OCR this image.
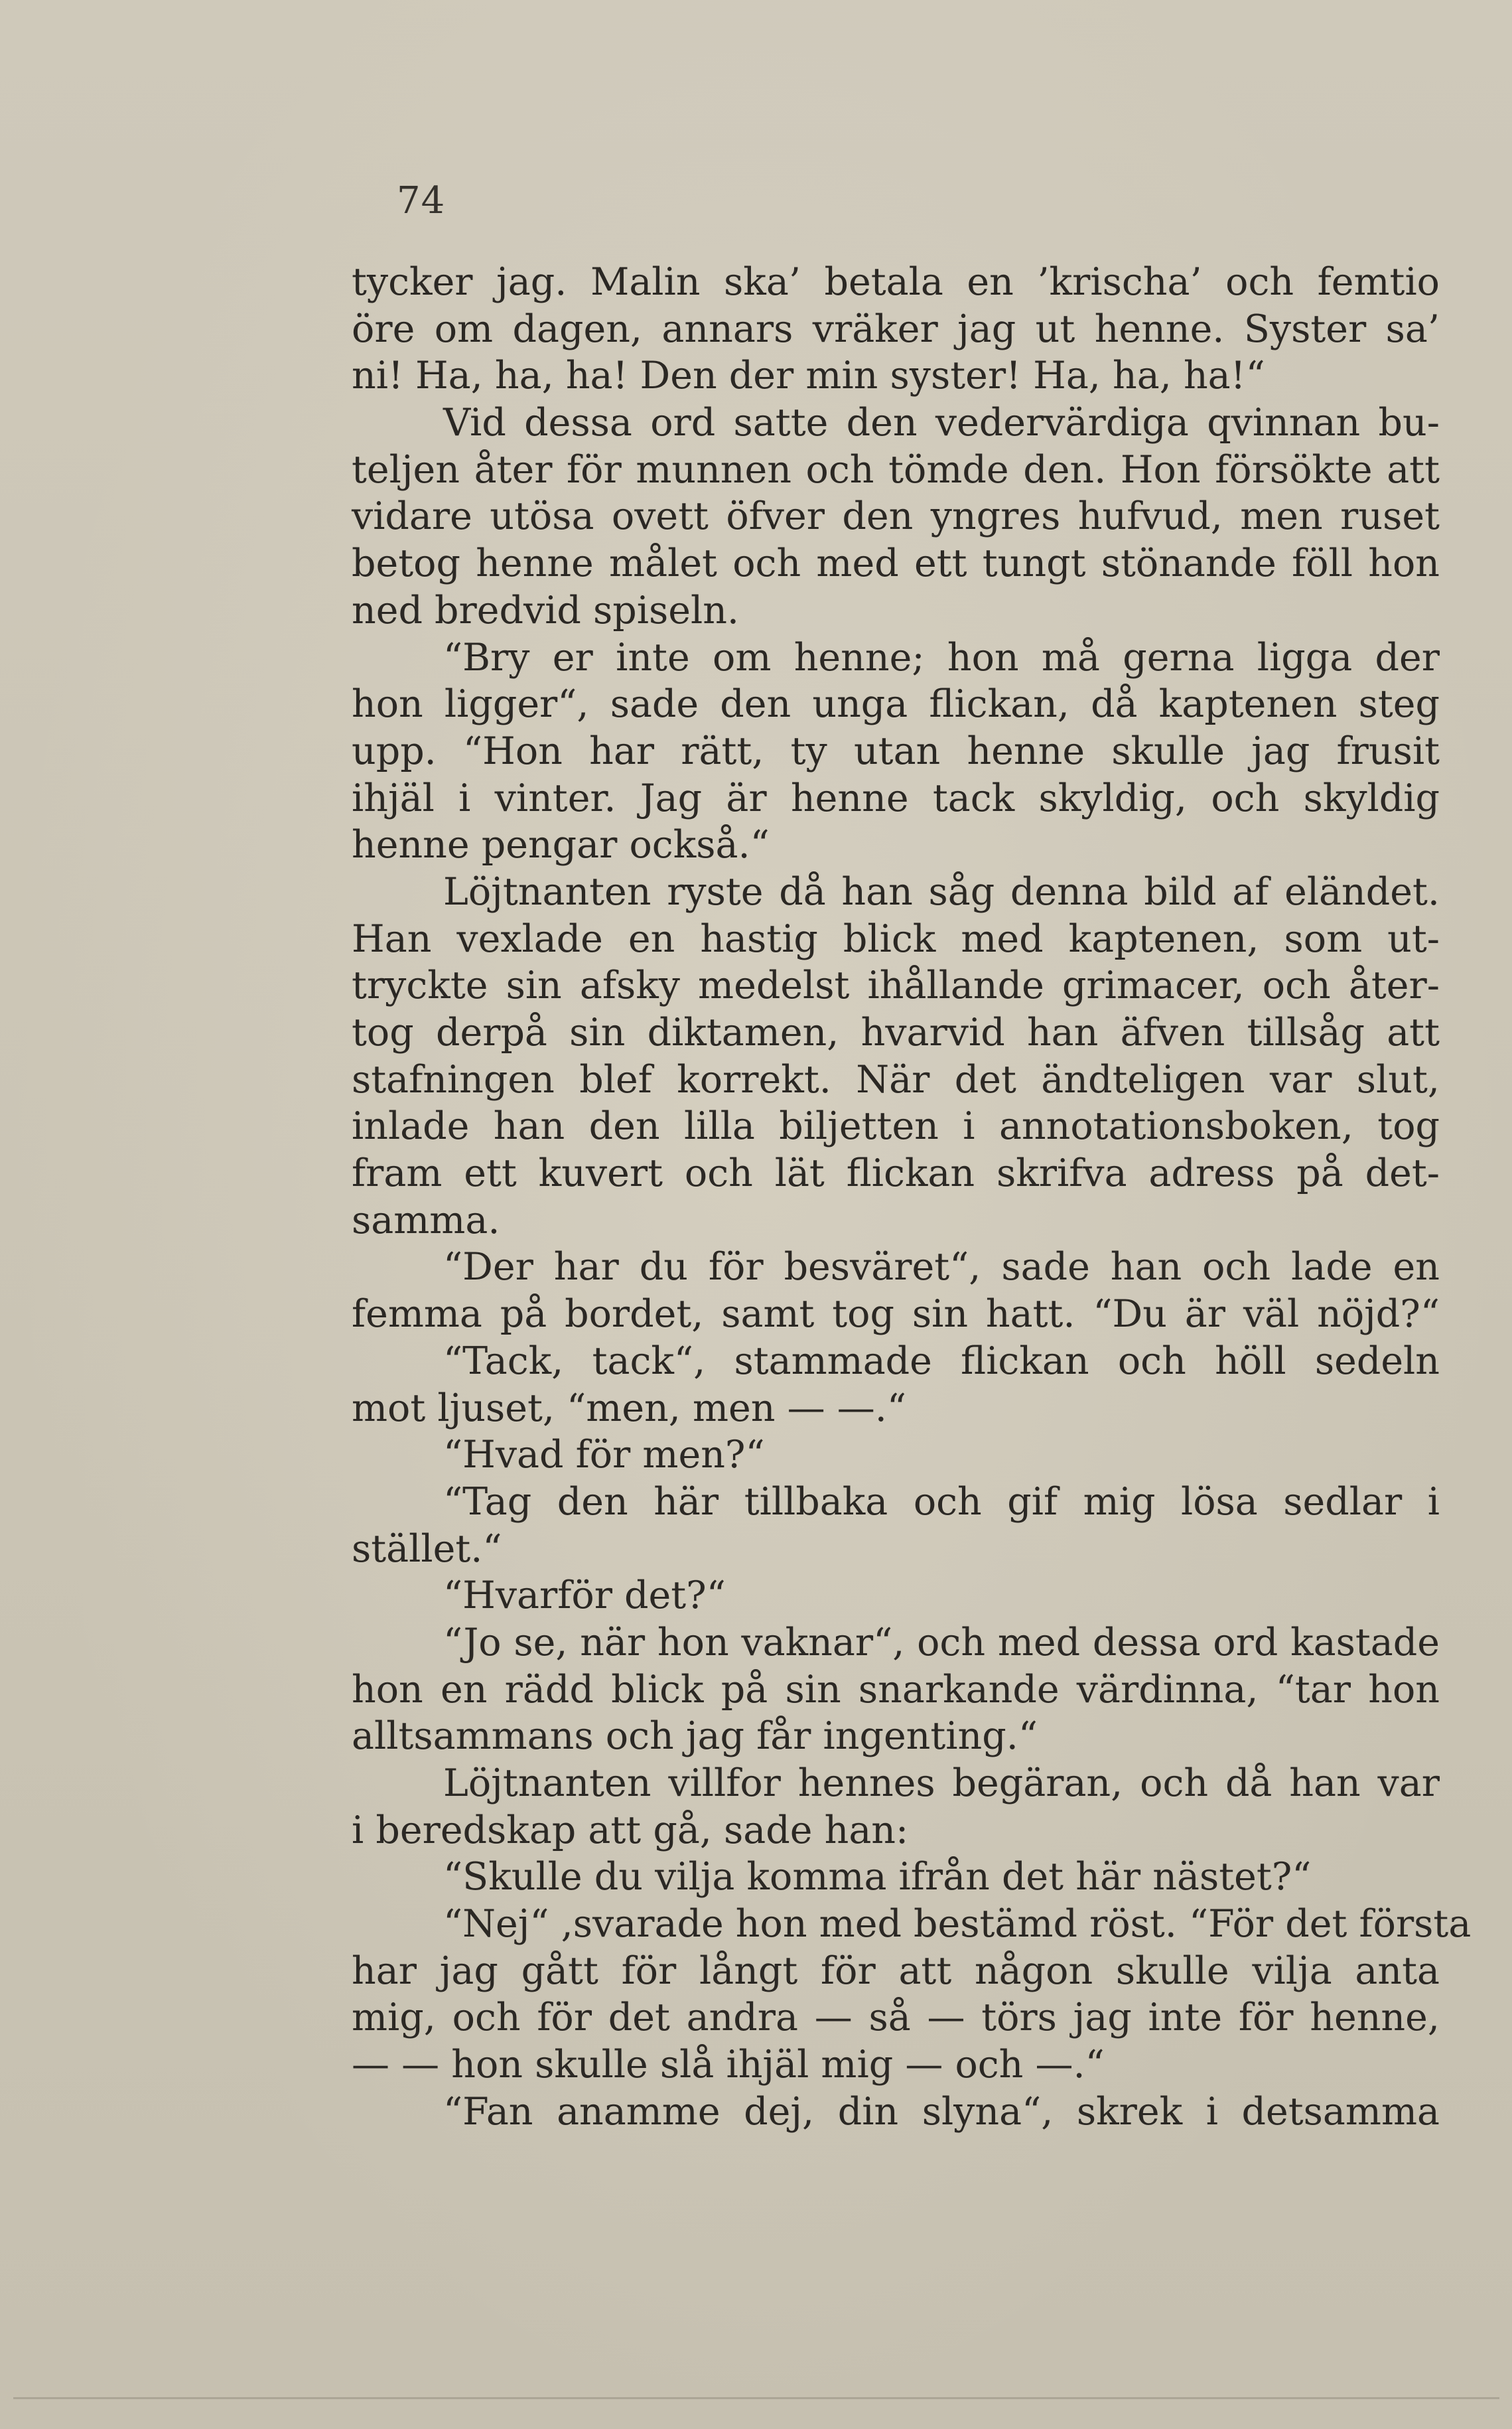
74
tycker jag. Malin ska’ betala en ’krischa’ och femtio
öre om dagen, annars vräker jag ut henne. Syster sa’
ni! Ha, ha, ha! Den der min syster! Ha, ha, ha!“
Vid dessa ord satte den vedervärdiga qvinnan bu-
teljen åter för munnen och tömde den. Hon försökte att
vidare utösa ovett öfver den yngres hufvud, men ruset
betog henne målet och med ett tungt stönande föll hon
ned bredvid spiseln.
“Bry er inte om henne; hon må gerna ligga der
hon ligger“, sade den unga flickan, då kaptenen steg
upp. “Hon har rätt, ty utan henne skulle jag frusit
ihjäl i vinter. Jag är henne tack skyldig, och skyldig
henne pengar också.“
Löjtnanten ryste då han såg denna bild af eländet.
Han vexlade en hastig blick med kaptenen, som ut-
tryckte sin afsky medelst ihållande grimacer, och åter-
tog derpå sin diktamen, hvarvid han äfven tillsåg att
stafningen blef korrekt. När det ändteligen var slut,
inlade han den lilla biljetten i annotationsboken, tog
fram ett kuvert och lät flickan skrifva adress på det-
samma.
“Der har du för besväret“, sade han och lade en
femma på bordet, samt tog sin hatt. “Du är väl nöjd?“
“Tack, tack“, stammade flickan och höll sedeln
mot ljuset, “men, men — —.“
“Hvad för men?“
“Tag den här tillbaka och gif mig lösa sedlar i
stället.“
“Hvarför det?“
“Jo se, när hon vaknar“, och med dessa ord kastade
hon en rädd blick på sin snarkande värdinna, “tar hon
alltsammans och jag får ingenting.“
Löjtnanten villfor hennes begäran, och då han var
i beredskap att gå, sade han:
“Skulle du vilja komma ifrån det här nästet?“
“Nej“ ,svarade hon med bestämd röst. “För det första
har jag gått för långt för att någon skulle vilja anta
mig, och för det andra — så — törs jag inte för henne,
— — hon skulle slå ihjäl mig — och —.“
“Fan anamme dej, din slyna“, skrek i detsamma
